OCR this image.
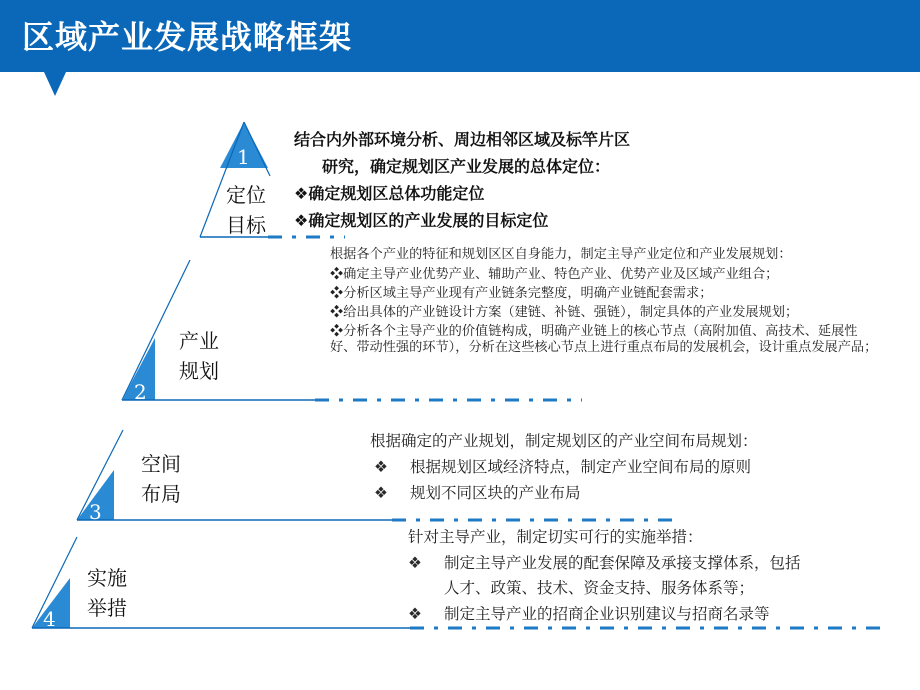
区域产业发展战略框架
1
2
3
4
定位
目标
产业
规划
空间
布局
实施
举措
结合内外部环境分析、周边相邻区域及标竿片区
研究，确定规划区产业发展的总体定位：
❖确定规划区总体功能定位
❖确定规划区的产业发展的目标定位
根据各个产业的特征和规划区区自身能力，制定主导产业定位和产业发展规划：
❖确定主导产业优势产业、辅助产业、特色产业、优势产业及区域产业组合；
❖分析区域主导产业现有产业链条完整度，明确产业链配套需求；
❖给出具体的产业链设计方案（建链、补链、强链），制定具体的产业发展规划；
❖分析各个主导产业的价值链构成，明确产业链上的核心节点（高附加值、高技术、延展性好、带动性强的环节），分析在这些核心节点上进行重点布局的发展机会，设计重点发展产品；
根据确定的产业规划，制定规划区的产业空间布局规划：
❖ 根据规划区域经济特点，制定产业空间布局的原则
❖ 规划不同区块的产业布局
针对主导产业，制定切实可行的实施举措：
❖ 制定主导产业发展的配套保障及承接支撑体系，包括
人才、政策、技术、资金支持、服务体系等；
❖ 制定主导产业的招商企业识别建议与招商名录等
